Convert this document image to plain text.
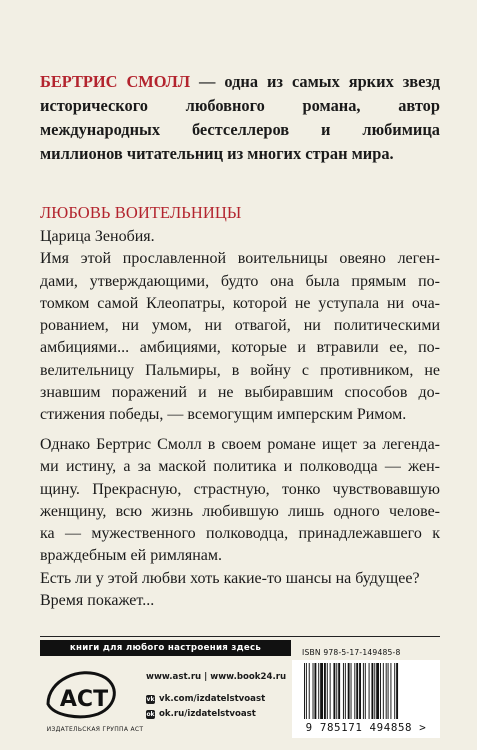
БЕРТРИС СМОЛЛ — одна из самых ярких звезд исторического любовного романа, автор международных бестселлеров и любимица миллионов читательниц из многих стран мира.
ЛЮБОВЬ ВОИТЕЛЬНИЦЫ
Царица Зенобия.
Имя этой прославленной воительницы овеяно леген-
дами, утверждающими, будто она была прямым по-
томком самой Клеопатры, которой не уступала ни оча-
рованием, ни умом, ни отвагой, ни политическими
амбициями... амбициями, которые и втравили ее, по-
велительницу Пальмиры, в войну с противником, не
знавшим поражений и не выбиравшим способов до-
стижения победы, — всемогущим имперским Римом.
Однако Бертрис Смолл в своем романе ищет за легенда-
ми истину, а за маской политика и полководца — жен-
щину. Прекрасную, страстную, тонко чувствовавшую
женщину, всю жизнь любившую лишь одного челове-
ка — мужественного полководца, принадлежавшего к
враждебным ей римлянам.
Есть ли у этой любви хоть какие-то шансы на будущее?
Время покажет...
книги для любого настроения здесь
АСТ
ИЗДАТЕЛЬСКАЯ ГРУППА АСТ
www.ast.ru | www.book24.ru
vk vk.com/izdatelstvoast
ok ok.ru/izdatelstvoast
ISBN 978-5-17-149485-8
9 785171 494858 >
